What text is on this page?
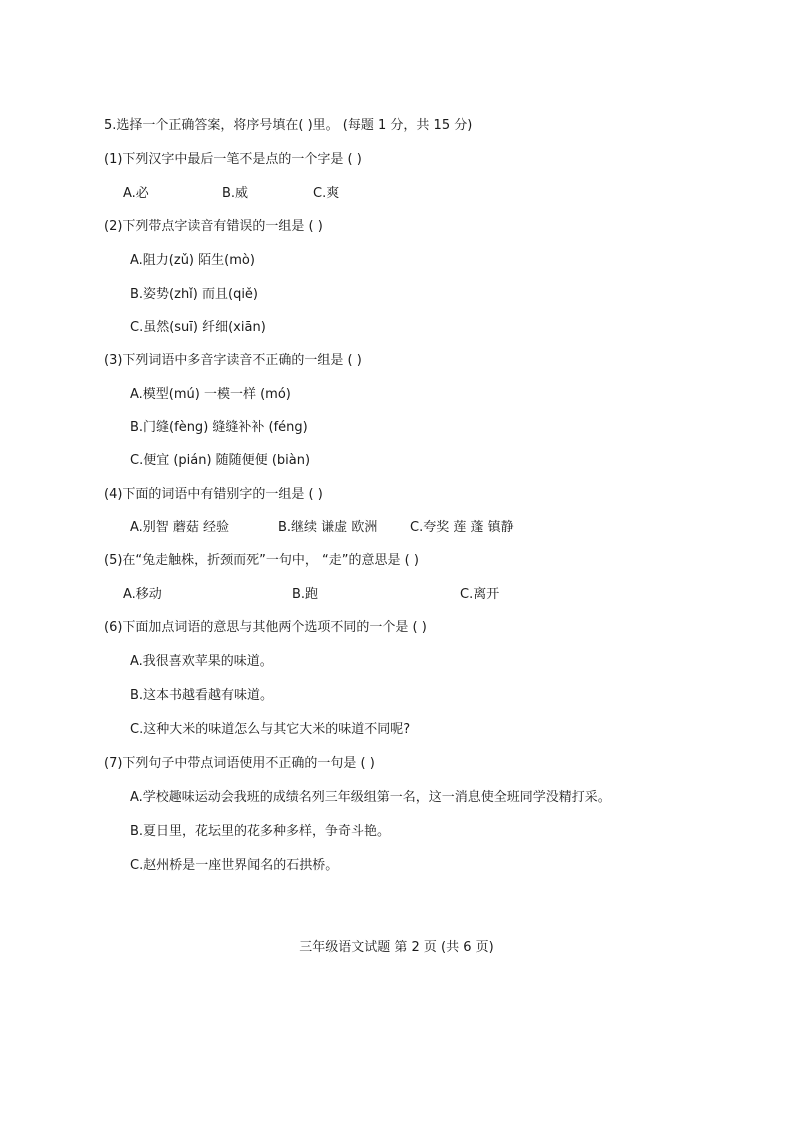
5.选择一个正确答案，将序号填在( )里。 (每题 1 分，共 15 分)
(1)下列汉字中最后一笔不是点的一个字是 ( )
A.必	B.威	C.爽
(2)下列带点字读音有错误的一组是 ( )
A.阻力(zǔ) 陌生(mò)
B.姿势(zhǐ) 而且(qiě)
C.虽然(suī) 纤细(xiān)
(3)下列词语中多音字读音不正确的一组是 ( )
A.模型(mú) 一模一样 (mó)
B.门缝(fèng) 缝缝补补 (féng)
C.便宜 (pián) 随随便便 (biàn)
(4)下面的词语中有错别字的一组是 ( )
A.别智 蘑菇 经验	B.继续 谦虚 欧洲	C.夸奖 莲 蓬 镇静
(5)在“兔走触株，折颈而死”一句中， “走”的意思是 ( )
A.移动	B.跑	C.离开
(6)下面加点词语的意思与其他两个选项不同的一个是 ( )
A.我很喜欢苹果的味道。
B.这本书越看越有味道。
C.这种大米的味道怎么与其它大米的味道不同呢?
(7)下列句子中带点词语使用不正确的一句是 ( )
A.学校趣味运动会我班的成绩名列三年级组第一名，这一消息使全班同学没精打采。
B.夏日里，花坛里的花多种多样，争奇斗艳。
C.赵州桥是一座世界闻名的石拱桥。
三年级语文试题 第 2 页 (共 6 页)
